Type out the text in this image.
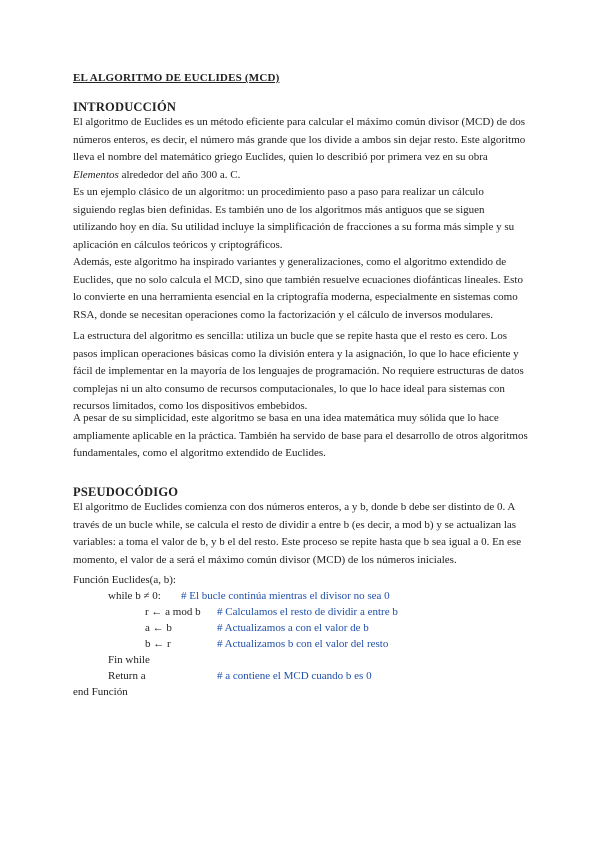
EL ALGORITMO DE EUCLIDES (MCD)
INTRODUCCIÓN

El algoritmo de Euclides es un método eficiente para calcular el máximo común divisor (MCD) de dos números enteros, es decir, el número más grande que los divide a ambos sin dejar resto. Este algoritmo lleva el nombre del matemático griego Euclides, quien lo describió por primera vez en su obra Elementos alrededor del año 300 a. C.

Es un ejemplo clásico de un algoritmo: un procedimiento paso a paso para realizar un cálculo siguiendo reglas bien definidas. Es también uno de los algoritmos más antiguos que se siguen utilizando hoy en día. Su utilidad incluye la simplificación de fracciones a su forma más simple y su aplicación en cálculos teóricos y criptográficos.

Además, este algoritmo ha inspirado variantes y generalizaciones, como el algoritmo extendido de Euclides, que no solo calcula el MCD, sino que también resuelve ecuaciones diofánticas lineales. Esto lo convierte en una herramienta esencial en la criptografía moderna, especialmente en sistemas como RSA, donde se necesitan operaciones como la factorización y el cálculo de inversos modulares.

La estructura del algoritmo es sencilla: utiliza un bucle que se repite hasta que el resto es cero. Los pasos implican operaciones básicas como la división entera y la asignación, lo que lo hace eficiente y fácil de implementar en la mayoría de los lenguajes de programación. No requiere estructuras de datos complejas ni un alto consumo de recursos computacionales, lo que lo hace ideal para sistemas con recursos limitados, como los dispositivos embebidos.

A pesar de su simplicidad, este algoritmo se basa en una idea matemática muy sólida que lo hace ampliamente aplicable en la práctica. También ha servido de base para el desarrollo de otros algoritmos fundamentales, como el algoritmo extendido de Euclides.

PSEUDOCÓDIGO

El algoritmo de Euclides comienza con dos números enteros, a y b, donde b debe ser distinto de 0. A través de un bucle while, se calcula el resto de dividir a entre b (es decir, a mod b) y se actualizan las variables: a toma el valor de b, y b el del resto. Este proceso se repite hasta que b sea igual a 0. En ese momento, el valor de a será el máximo común divisor (MCD) de los números iniciales.

Función Euclides(a, b):
while b ≠ 0: # El bucle continúa mientras el divisor no sea 0
r ← a mod b # Calculamos el resto de dividir a entre b
a ← b	# Actualizamos a con el valor de b
b ← r	# Actualizamos b con el valor del resto
Fin while
Return a	# a contiene el MCD cuando b es 0
end Función
